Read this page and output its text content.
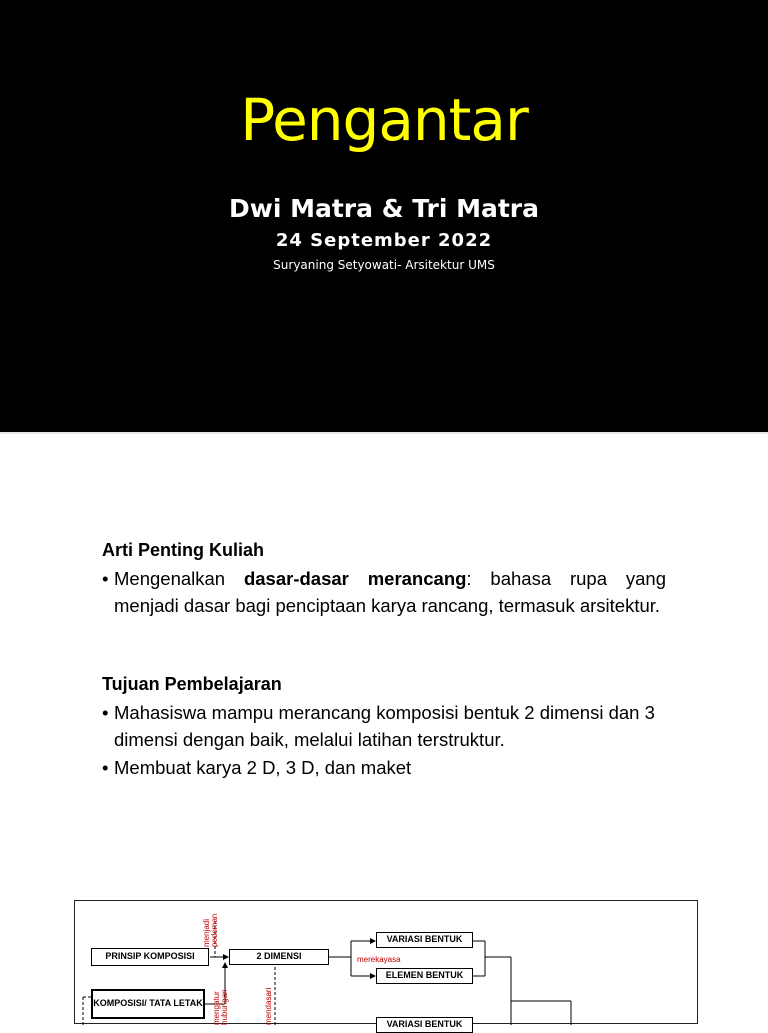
Pengantar
Dwi Matra & Tri Matra
24 September 2022
Suryaning Setyowati- Arsitektur UMS
Arti Penting Kuliah
• Mengenalkan dasar-dasar merancang: bahasa rupa yang menjadi dasar bagi penciptaan karya rancang, termasuk arsitektur.
Tujuan Pembelajaran
• Mahasiswa mampu merancang komposisi bentuk 2 dimensi dan 3 dimensi dengan baik, melalui latihan terstruktur.
• Membuat karya 2 D, 3 D, dan maket
PRINSIP KOMPOSISI
KOMPOSISI/ TATA LETAK
2 DIMENSI
VARIASI BENTUK
ELEMEN BENTUK
VARIASI BENTUK
menjadi pedoman
mengatur hubungan	mendasari
merekayasa
